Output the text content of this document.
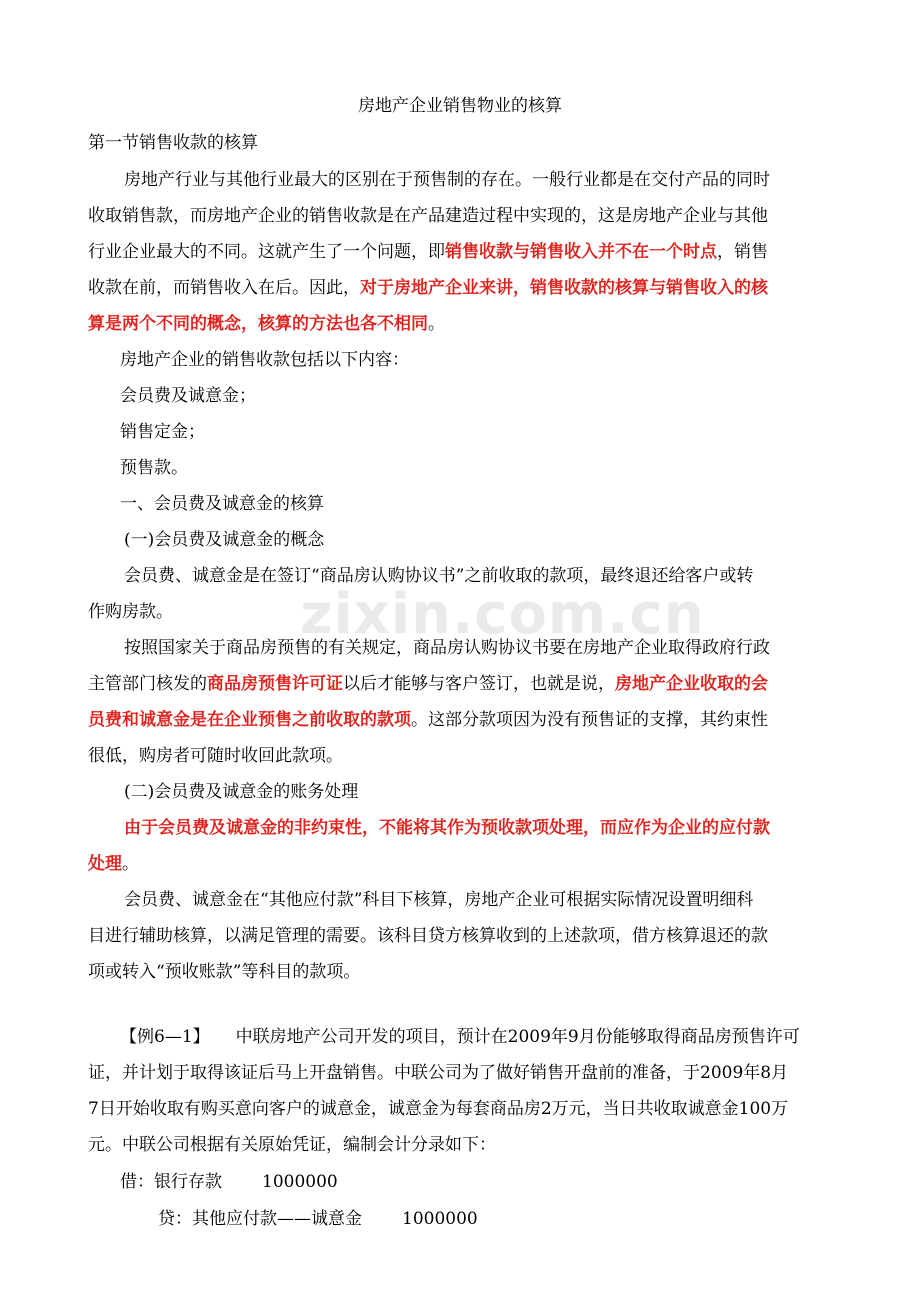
zixin.com.cn
房地产企业销售物业的核算
第一节销售收款的核算
房地产行业与其他行业最大的区别在于预售制的存在。一般行业都是在交付产品的同时
收取销售款，而房地产企业的销售收款是在产品建造过程中实现的，这是房地产企业与其他
行业企业最大的不同。这就产生了一个问题，即销售收款与销售收入并不在一个时点，销售
收款在前，而销售收入在后。因此，对于房地产企业来讲，销售收款的核算与销售收入的核
算是两个不同的概念，核算的方法也各不相同。
房地产企业的销售收款包括以下内容：
会员费及诚意金；
销售定金；
预售款。
一、会员费及诚意金的核算
(一)会员费及诚意金的概念
会员费、诚意金是在签订“商品房认购协议书”之前收取的款项，最终退还给客户或转
作购房款。
按照国家关于商品房预售的有关规定，商品房认购协议书要在房地产企业取得政府行政
主管部门核发的商品房预售许可证以后才能够与客户签订，也就是说，房地产企业收取的会
员费和诚意金是在企业预售之前收取的款项。这部分款项因为没有预售证的支撑，其约束性
很低，购房者可随时收回此款项。
(二)会员费及诚意金的账务处理
由于会员费及诚意金的非约束性，不能将其作为预收款项处理，而应作为企业的应付款
处理。
会员费、诚意金在“其他应付款”科目下核算，房地产企业可根据实际情况设置明细科
目进行辅助核算，以满足管理的需要。该科目贷方核算收到的上述款项，借方核算退还的款
项或转入“预收账款”等科目的款项。
【例6—1】 中联房地产公司开发的项目，预计在2009年9月份能够取得商品房预售许可
证，并计划于取得该证后马上开盘销售。中联公司为了做好销售开盘前的准备，于2009年8月
7日开始收取有购买意向客户的诚意金，诚意金为每套商品房2万元，当日共收取诚意金100万
元。中联公司根据有关原始凭证，编制会计分录如下：
借：银行存款 1000000
贷：其他应付款——诚意金 1000000
